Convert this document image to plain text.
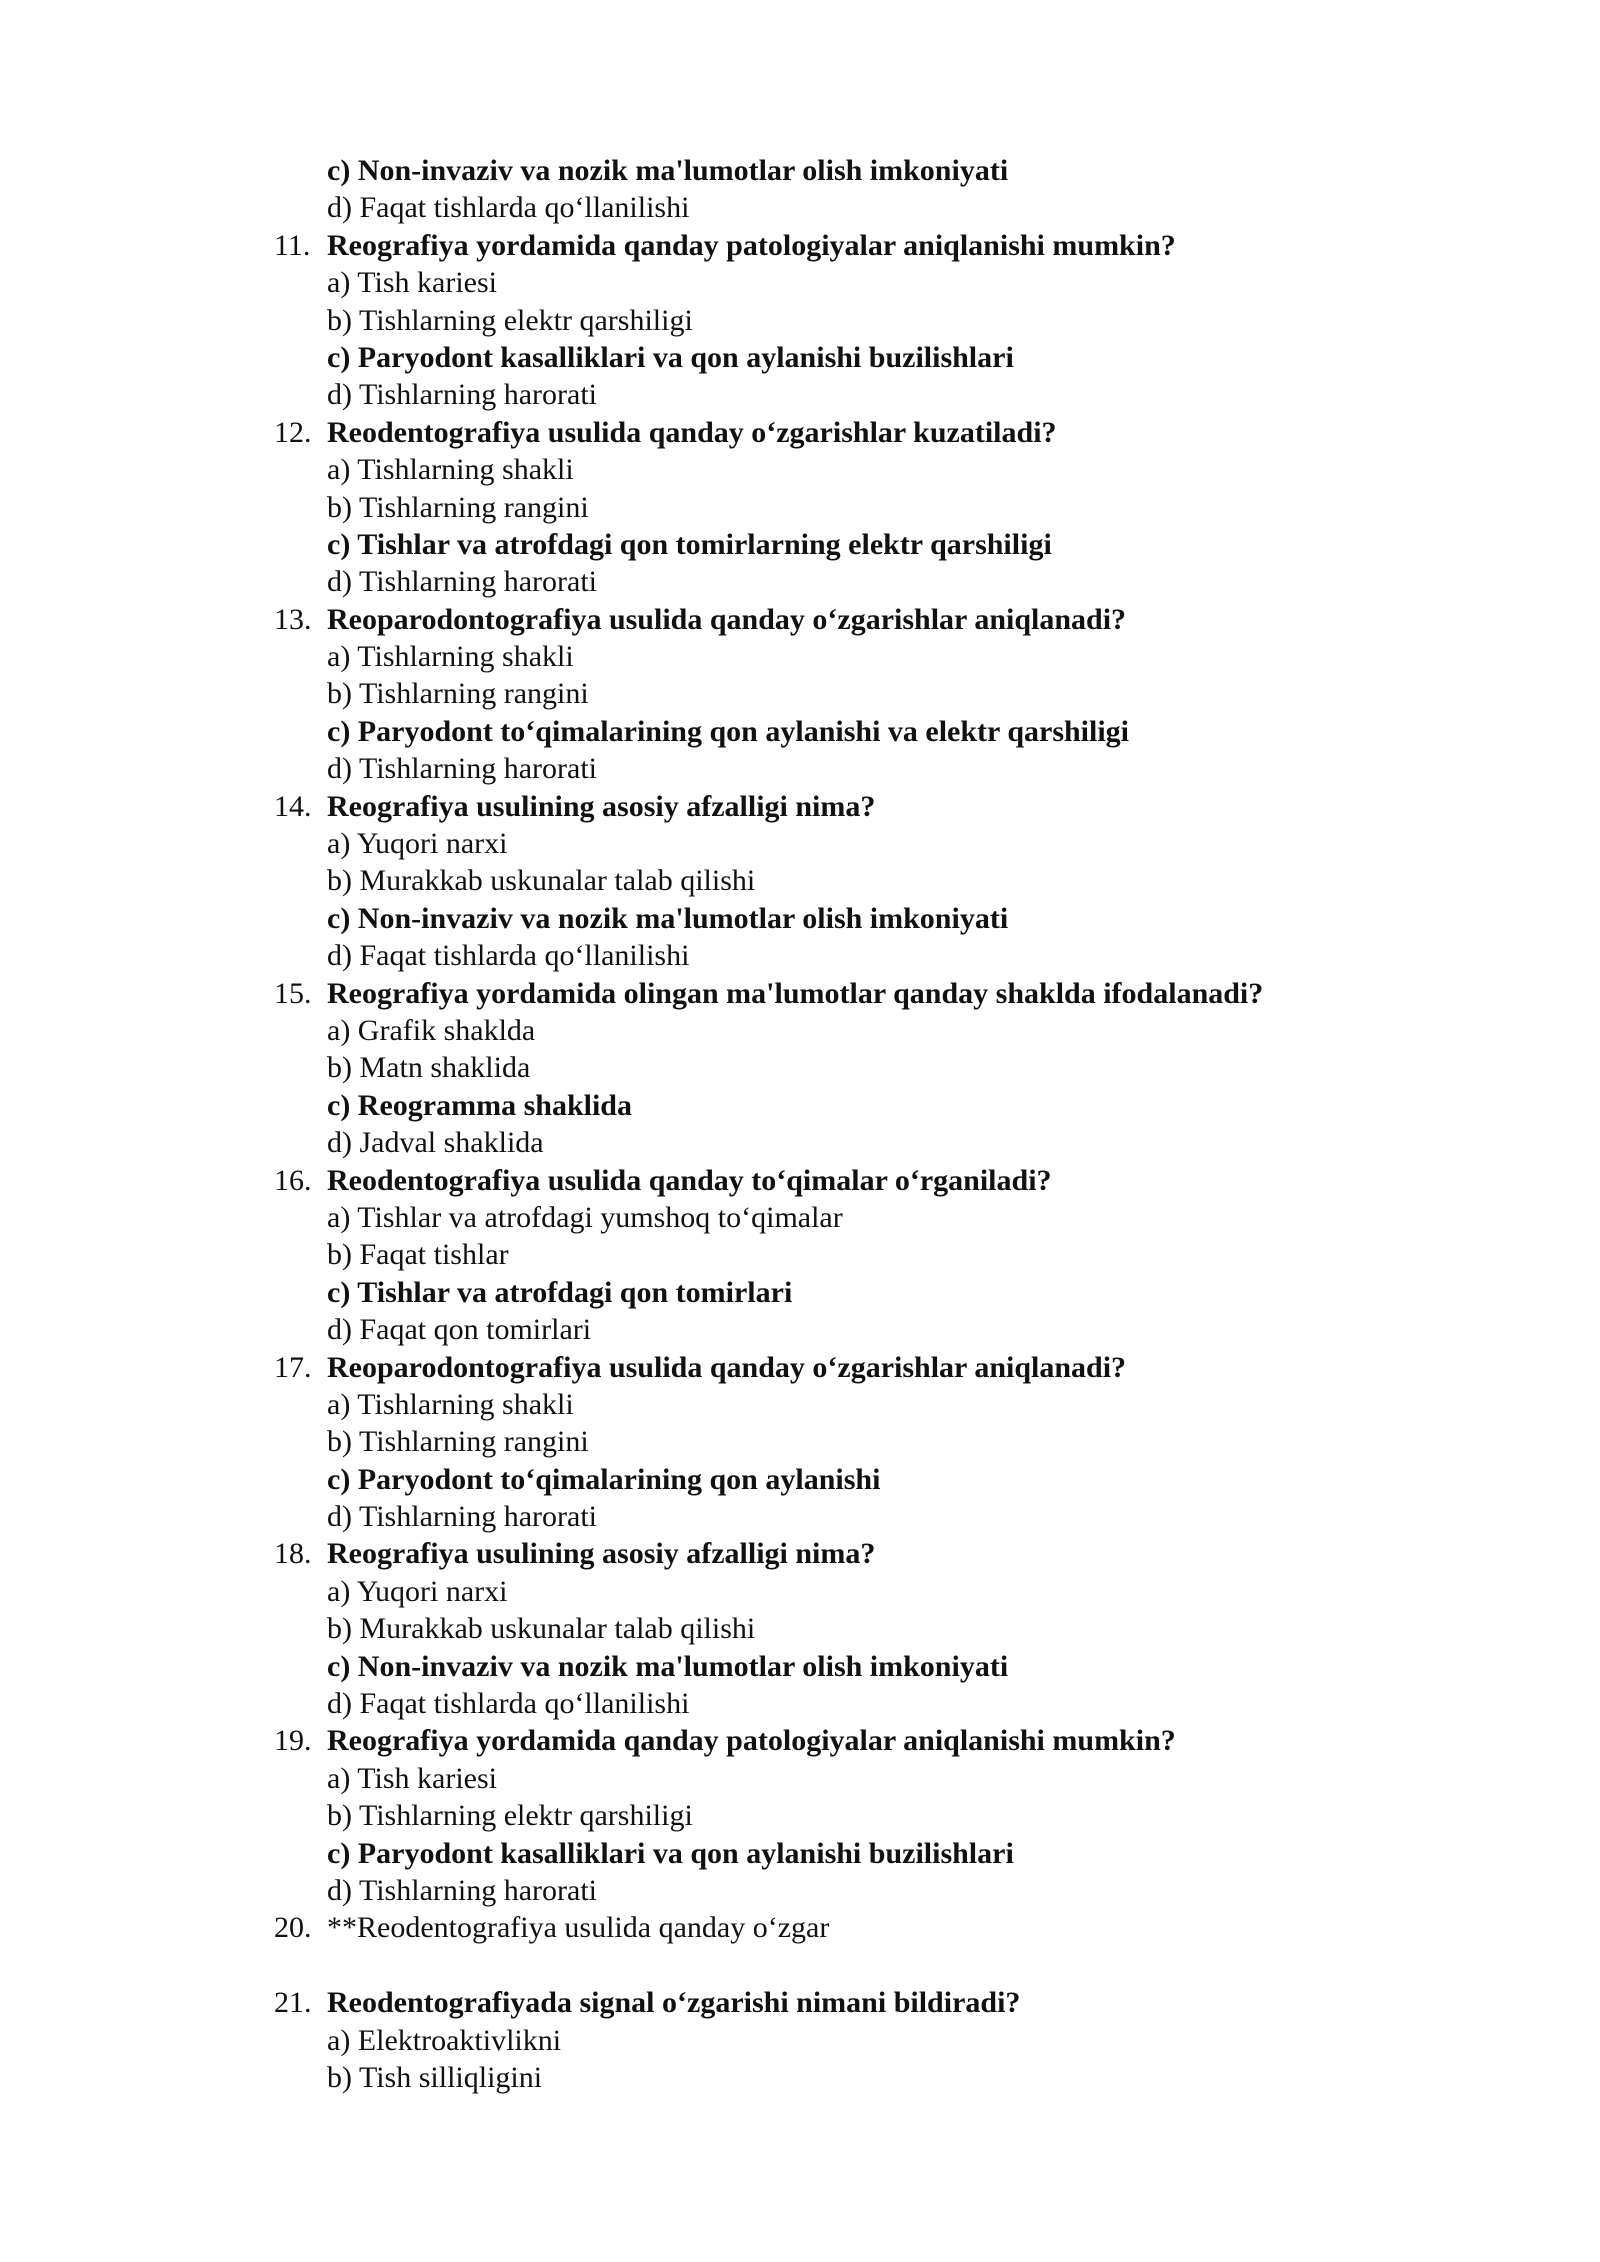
c) Non-invaziv va nozik ma'lumotlar olish imkoniyati
d) Faqat tishlarda qo‘llanilishi
11. Reografiya yordamida qanday patologiyalar aniqlanishi mumkin?
a) Tish kariesi
b) Tishlarning elektr qarshiligi
c) Paryodont kasalliklari va qon aylanishi buzilishlari
d) Tishlarning harorati
12. Reodentografiya usulida qanday o‘zgarishlar kuzatiladi?
a) Tishlarning shakli
b) Tishlarning rangini
c) Tishlar va atrofdagi qon tomirlarning elektr qarshiligi
d) Tishlarning harorati
13. Reoparodontografiya usulida qanday o‘zgarishlar aniqlanadi?
a) Tishlarning shakli
b) Tishlarning rangini
c) Paryodont to‘qimalarining qon aylanishi va elektr qarshiligi
d) Tishlarning harorati
14. Reografiya usulining asosiy afzalligi nima?
a) Yuqori narxi
b) Murakkab uskunalar talab qilishi
c) Non-invaziv va nozik ma'lumotlar olish imkoniyati
d) Faqat tishlarda qo‘llanilishi
15. Reografiya yordamida olingan ma'lumotlar qanday shaklda ifodalanadi?
a) Grafik shaklda
b) Matn shaklida
c) Reogramma shaklida
d) Jadval shaklida
16. Reodentografiya usulida qanday to‘qimalar o‘rganiladi?
a) Tishlar va atrofdagi yumshoq to‘qimalar
b) Faqat tishlar
c) Tishlar va atrofdagi qon tomirlari
d) Faqat qon tomirlari
17. Reoparodontografiya usulida qanday o‘zgarishlar aniqlanadi?
a) Tishlarning shakli
b) Tishlarning rangini
c) Paryodont to‘qimalarining qon aylanishi
d) Tishlarning harorati
18. Reografiya usulining asosiy afzalligi nima?
a) Yuqori narxi
b) Murakkab uskunalar talab qilishi
c) Non-invaziv va nozik ma'lumotlar olish imkoniyati
d) Faqat tishlarda qo‘llanilishi
19. Reografiya yordamida qanday patologiyalar aniqlanishi mumkin?
a) Tish kariesi
b) Tishlarning elektr qarshiligi
c) Paryodont kasalliklari va qon aylanishi buzilishlari
d) Tishlarning harorati
20. **Reodentografiya usulida qanday o‘zgar
21. Reodentografiyada signal o‘zgarishi nimani bildiradi?
a) Elektroaktivlikni
b) Tish silliqligini
